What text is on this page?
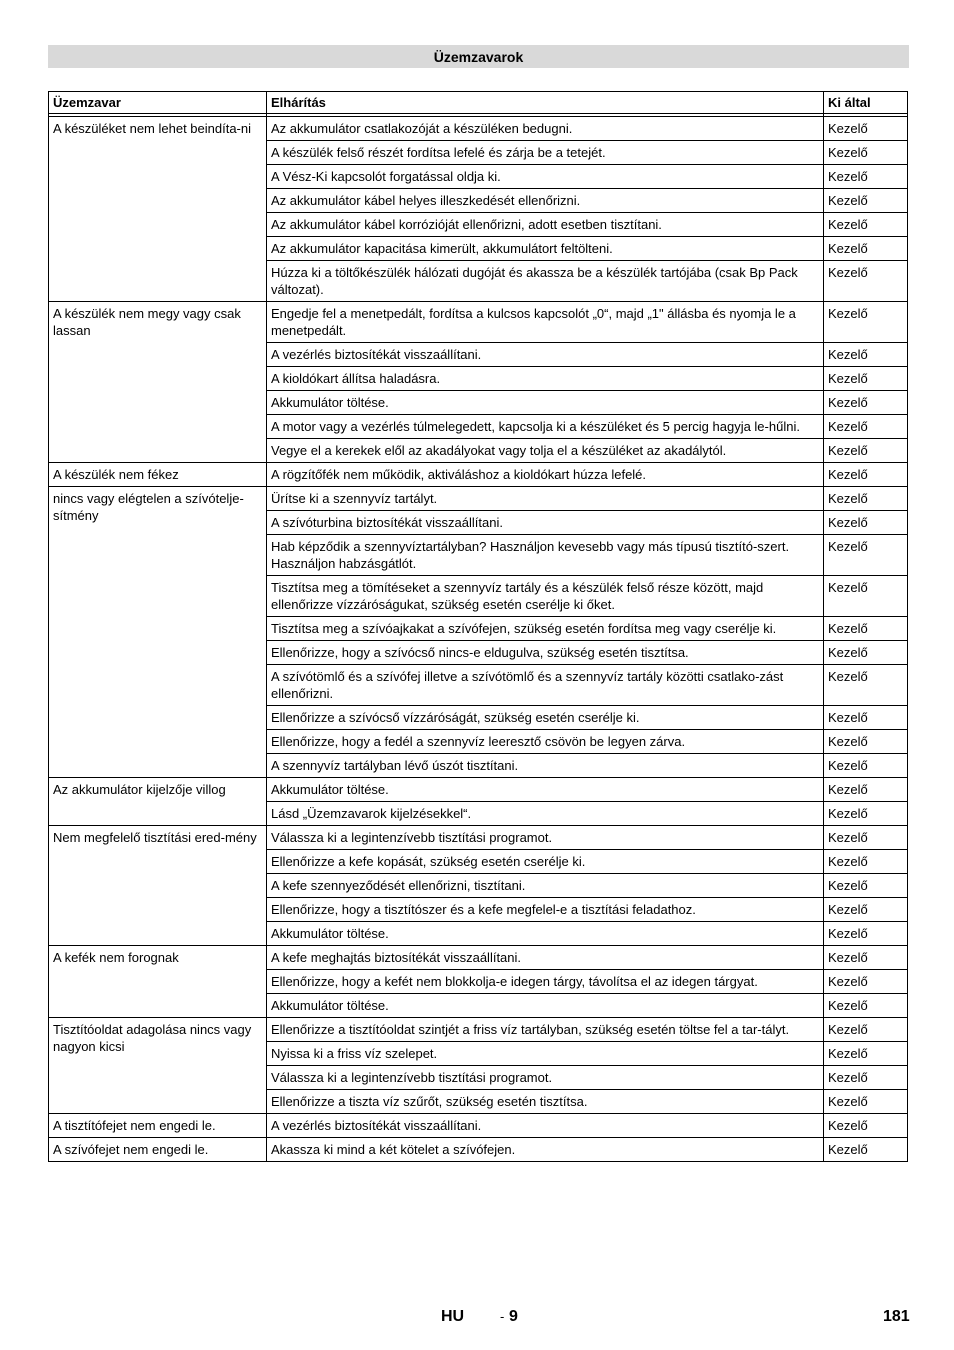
Üzemzavarok
Üzemzavar	Elhárítás	Ki által

A készüléket nem lehet beindíta-ni	Az akkumulátor csatlakozóját a készüléken bedugni.	Kezelő
	A készülék felső részét fordítsa lefelé és zárja be a tetejét.	Kezelő
	A Vész-Ki kapcsolót forgatással oldja ki.	Kezelő
	Az akkumulátor kábel helyes illeszkedését ellenőrizni.	Kezelő
	Az akkumulátor kábel korrózióját ellenőrizni, adott esetben tisztítani.	Kezelő
	Az akkumulátor kapacitása kimerült, akkumulátort feltölteni.	Kezelő
	Húzza ki a töltőkészülék hálózati dugóját és akassza be a készülék tartójába (csak Bp Pack változat).	Kezelő
A készülék nem megy vagy csak lassan	Engedje fel a menetpedált, fordítsa a kulcsos kapcsolót „0“, majd „1" állásba és nyomja le a menetpedált.	Kezelő
	A vezérlés biztosítékát visszaállítani.	Kezelő
	A kioldókart állítsa haladásra.	Kezelő
	Akkumulátor töltése.	Kezelő
	A motor vagy a vezérlés túlmelegedett, kapcsolja ki a készüléket és 5 percig hagyja le-hűlni.	Kezelő
	Vegye el a kerekek elől az akadályokat vagy tolja el a készüléket az akadálytól.	Kezelő
A készülék nem fékez	A rögzítőfék nem működik, aktiváláshoz a kioldókart húzza lefelé.	Kezelő
nincs vagy elégtelen a szívótelje-sítmény	Ürítse ki a szennyvíz tartályt.	Kezelő
	A szívóturbina biztosítékát visszaállítani.	Kezelő
	Hab képződik a szennyvíztartályban? Használjon kevesebb vagy más típusú tisztító-szert. Használjon habzásgátlót.	Kezelő
	Tisztítsa meg a tömítéseket a szennyvíz tartály és a készülék felső része között, majd ellenőrizze vízzáróságukat, szükség esetén cserélje ki őket.	Kezelő
	Tisztítsa meg a szívóajkakat a szívófejen, szükség esetén fordítsa meg vagy cserélje ki.	Kezelő
	Ellenőrizze, hogy a szívócső nincs-e eldugulva, szükség esetén tisztítsa.	Kezelő
	A szívótömlő és a szívófej illetve a szívótömlő és a szennyvíz tartály közötti csatlako-zást ellenőrizni.	Kezelő
	Ellenőrizze a szívócső vízzáróságát, szükség esetén cserélje ki.	Kezelő
	Ellenőrizze, hogy a fedél a szennyvíz leeresztő csövön be legyen zárva.	Kezelő
	A szennyvíz tartályban lévő úszót tisztítani.	Kezelő
Az akkumulátor kijelzője villog	Akkumulátor töltése.	Kezelő
	Lásd „Üzemzavarok kijelzésekkel“.	Kezelő
Nem megfelelő tisztítási ered-mény	Válassza ki a legintenzívebb tisztítási programot.	Kezelő
	Ellenőrizze a kefe kopását, szükség esetén cserélje ki.	Kezelő
	A kefe szennyeződését ellenőrizni, tisztítani.	Kezelő
	Ellenőrizze, hogy a tisztítószer és a kefe megfelel-e a tisztítási feladathoz.	Kezelő
	Akkumulátor töltése.	Kezelő
A kefék nem forognak	A kefe meghajtás biztosítékát visszaállítani.	Kezelő
	Ellenőrizze, hogy a kefét nem blokkolja-e idegen tárgy, távolítsa el az idegen tárgyat.	Kezelő
	Akkumulátor töltése.	Kezelő
Tisztítóoldat adagolása nincs vagy nagyon kicsi	Ellenőrizze a tisztítóoldat szintjét a friss víz tartályban, szükség esetén töltse fel a tar-tályt.	Kezelő
	Nyissa ki a friss víz szelepet.	Kezelő
	Válassza ki a legintenzívebb tisztítási programot.	Kezelő
	Ellenőrizze a tiszta víz szűrőt, szükség esetén tisztítsa.	Kezelő
A tisztítófejet nem engedi le.	A vezérlés biztosítékát visszaállítani.	Kezelő
A szívófejet nem engedi le.	Akassza ki mind a két kötelet a szívófejen.	Kezelő
HU	- 9	181
